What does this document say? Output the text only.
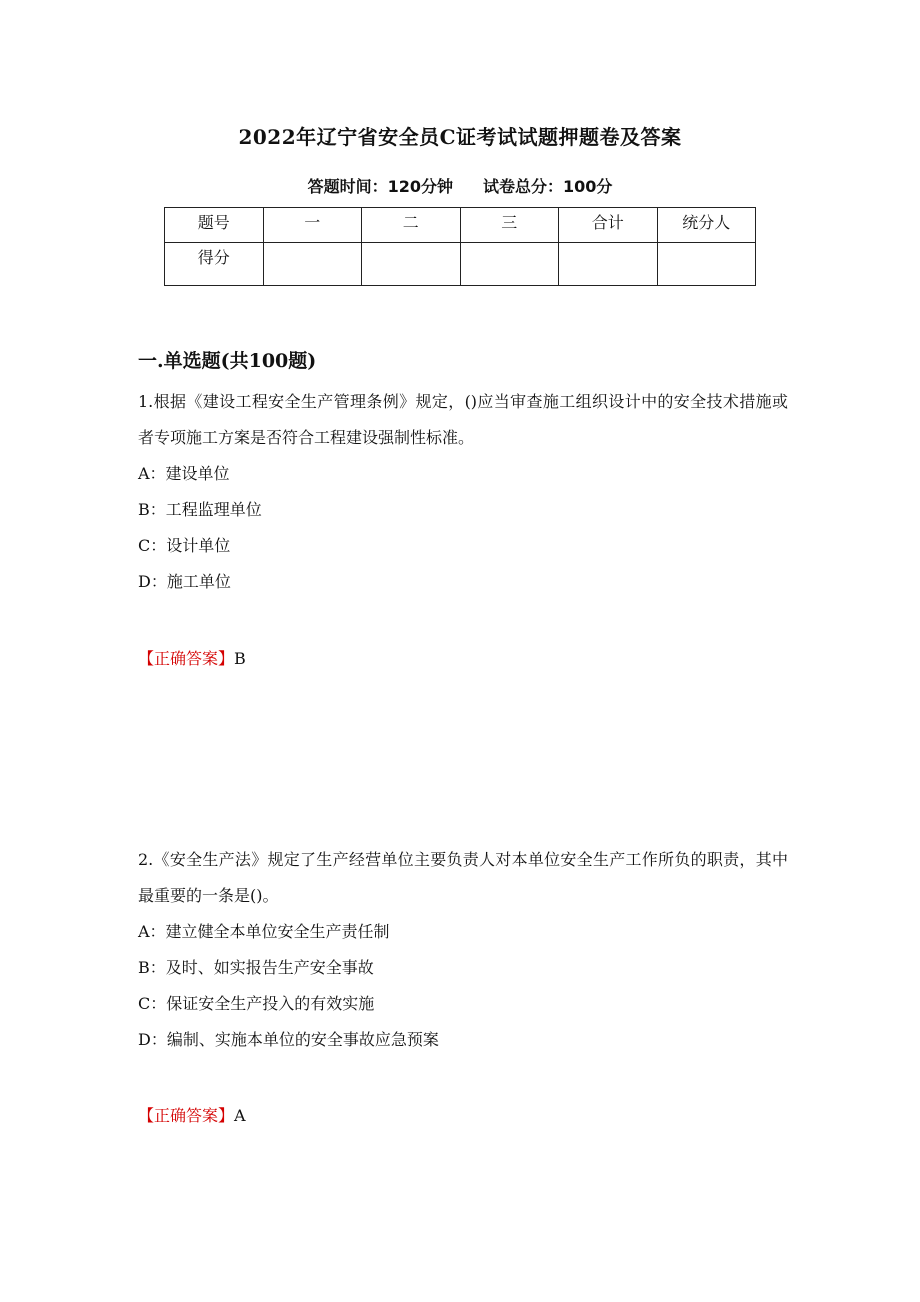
2022年辽宁省安全员C证考试试题押题卷及答案
答题时间：120分钟 试卷总分：100分
题号	一	二	三	合计	统分人
得分					
一.单选题(共100题)

1.根据《建设工程安全生产管理条例》规定，()应当审查施工组织设计中的安全技术措施或者专项施工方案是否符合工程建设强制性标准。

A：建设单位
B：工程监理单位
C：设计单位
D：施工单位
【正确答案】B

2.《安全生产法》规定了生产经营单位主要负责人对本单位安全生产工作所负的职责，其中最重要的一条是()。

A：建立健全本单位安全生产责任制
B：及时、如实报告生产安全事故
C：保证安全生产投入的有效实施
D：编制、实施本单位的安全事故应急预案
【正确答案】A
